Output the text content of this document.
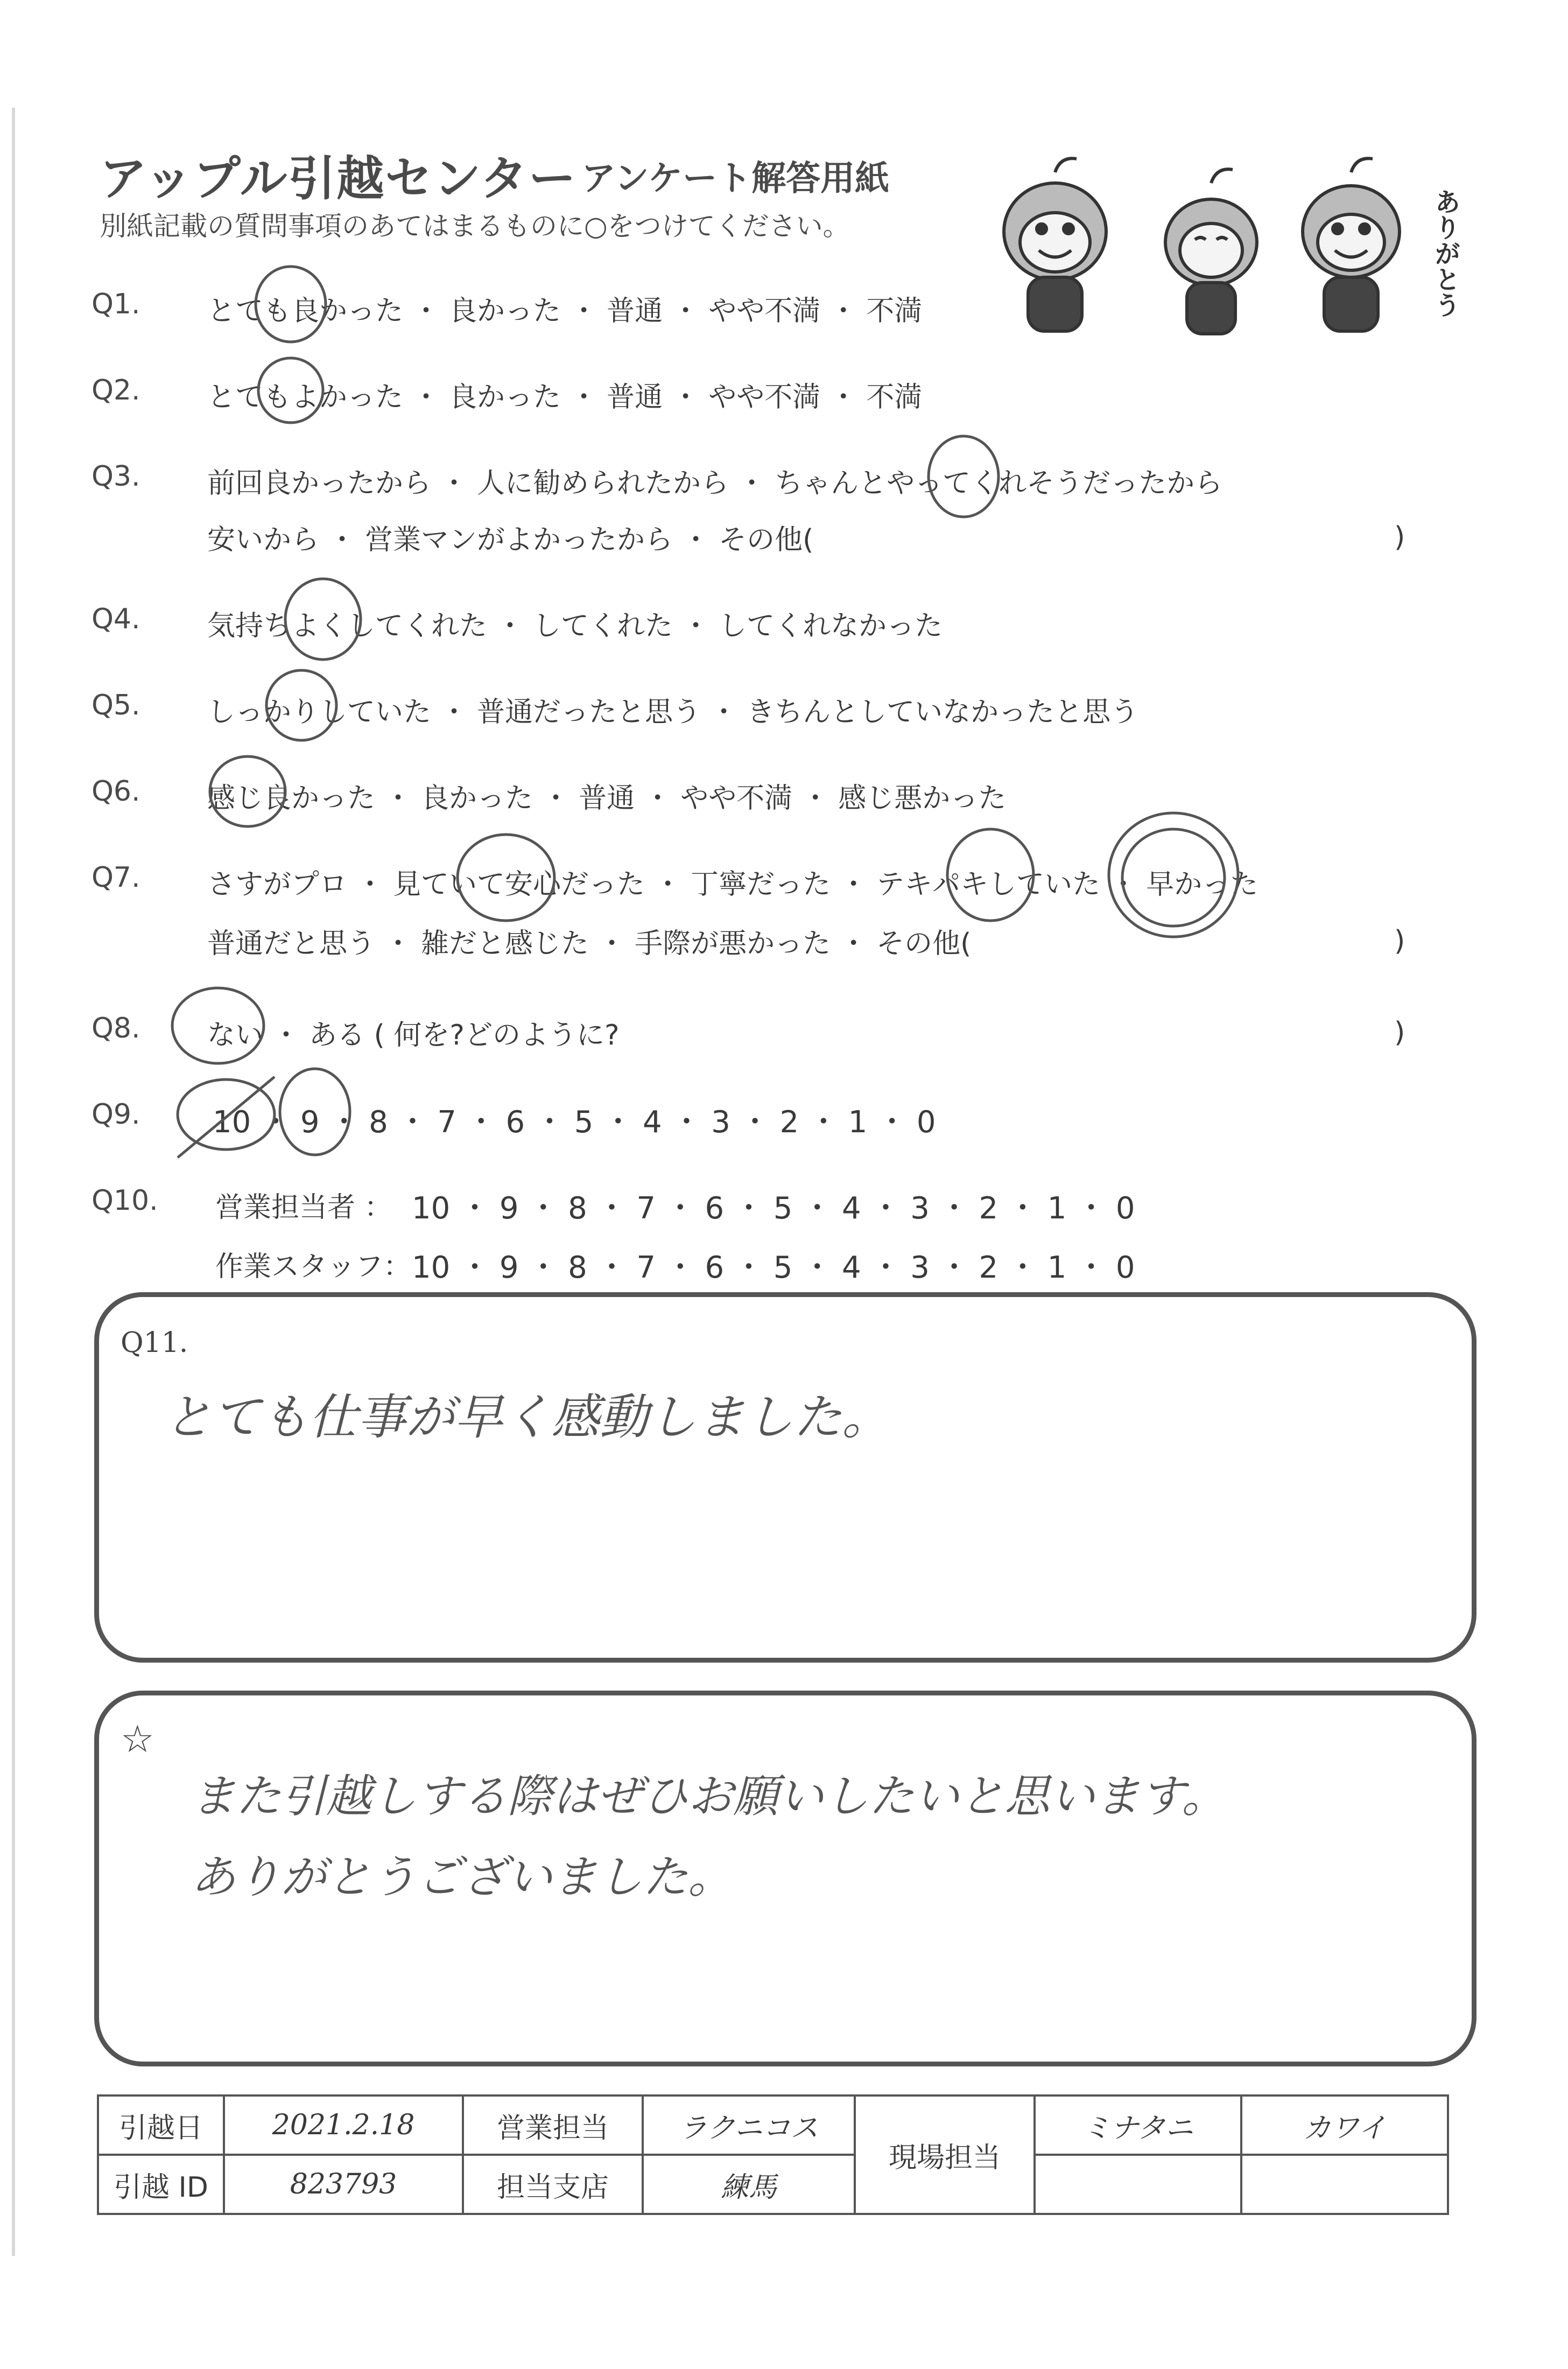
アップル引越センター アンケート解答用紙
別紙記載の質問事項のあてはまるものに○をつけてください。	ありがとう
Q1. とても良かった ・ 良かった ・ 普通 ・ やや不満 ・ 不満
Q2. とてもよかった ・ 良かった ・ 普通 ・ やや不満 ・ 不満
Q3. 前回良かったから ・ 人に勧められたから ・ ちゃんとやってくれそうだったから
安いから ・ 営業マンがよかったから ・ その他(	)
Q4. 気持ちよくしてくれた ・ してくれた ・ してくれなかった
Q5. しっかりしていた ・ 普通だったと思う ・ きちんとしていなかったと思う
Q6. 感じ良かった ・ 良かった ・ 普通 ・ やや不満 ・ 感じ悪かった
Q7. さすがプロ ・ 見ていて安心だった ・ 丁寧だった ・ テキパキしていた ・ 早かった
普通だと思う ・ 雑だと感じた ・ 手際が悪かった ・ その他(	)
Q8. ない ・ ある ( 何を?どのように?	)
Q9. 10 ・ 9 ・ 8 ・ 7 ・ 6 ・ 5 ・ 4 ・ 3 ・ 2 ・ 1 ・ 0
Q10. 営業担当者 ： 10 ・ 9 ・ 8 ・ 7 ・ 6 ・ 5 ・ 4 ・ 3 ・ 2 ・ 1 ・ 0
作業スタッフ： 10 ・ 9 ・ 8 ・ 7 ・ 6 ・ 5 ・ 4 ・ 3 ・ 2 ・ 1 ・ 0
Q11.
とても仕事が早く感動しました。
☆
また引越しする際はぜひお願いしたいと思います。
ありがとうございました。
引越日	2021.2.18	営業担当	ラクニコス	現場担当	ミナタニ	カワイ
引越 ID	823793	担当支店	練馬			
